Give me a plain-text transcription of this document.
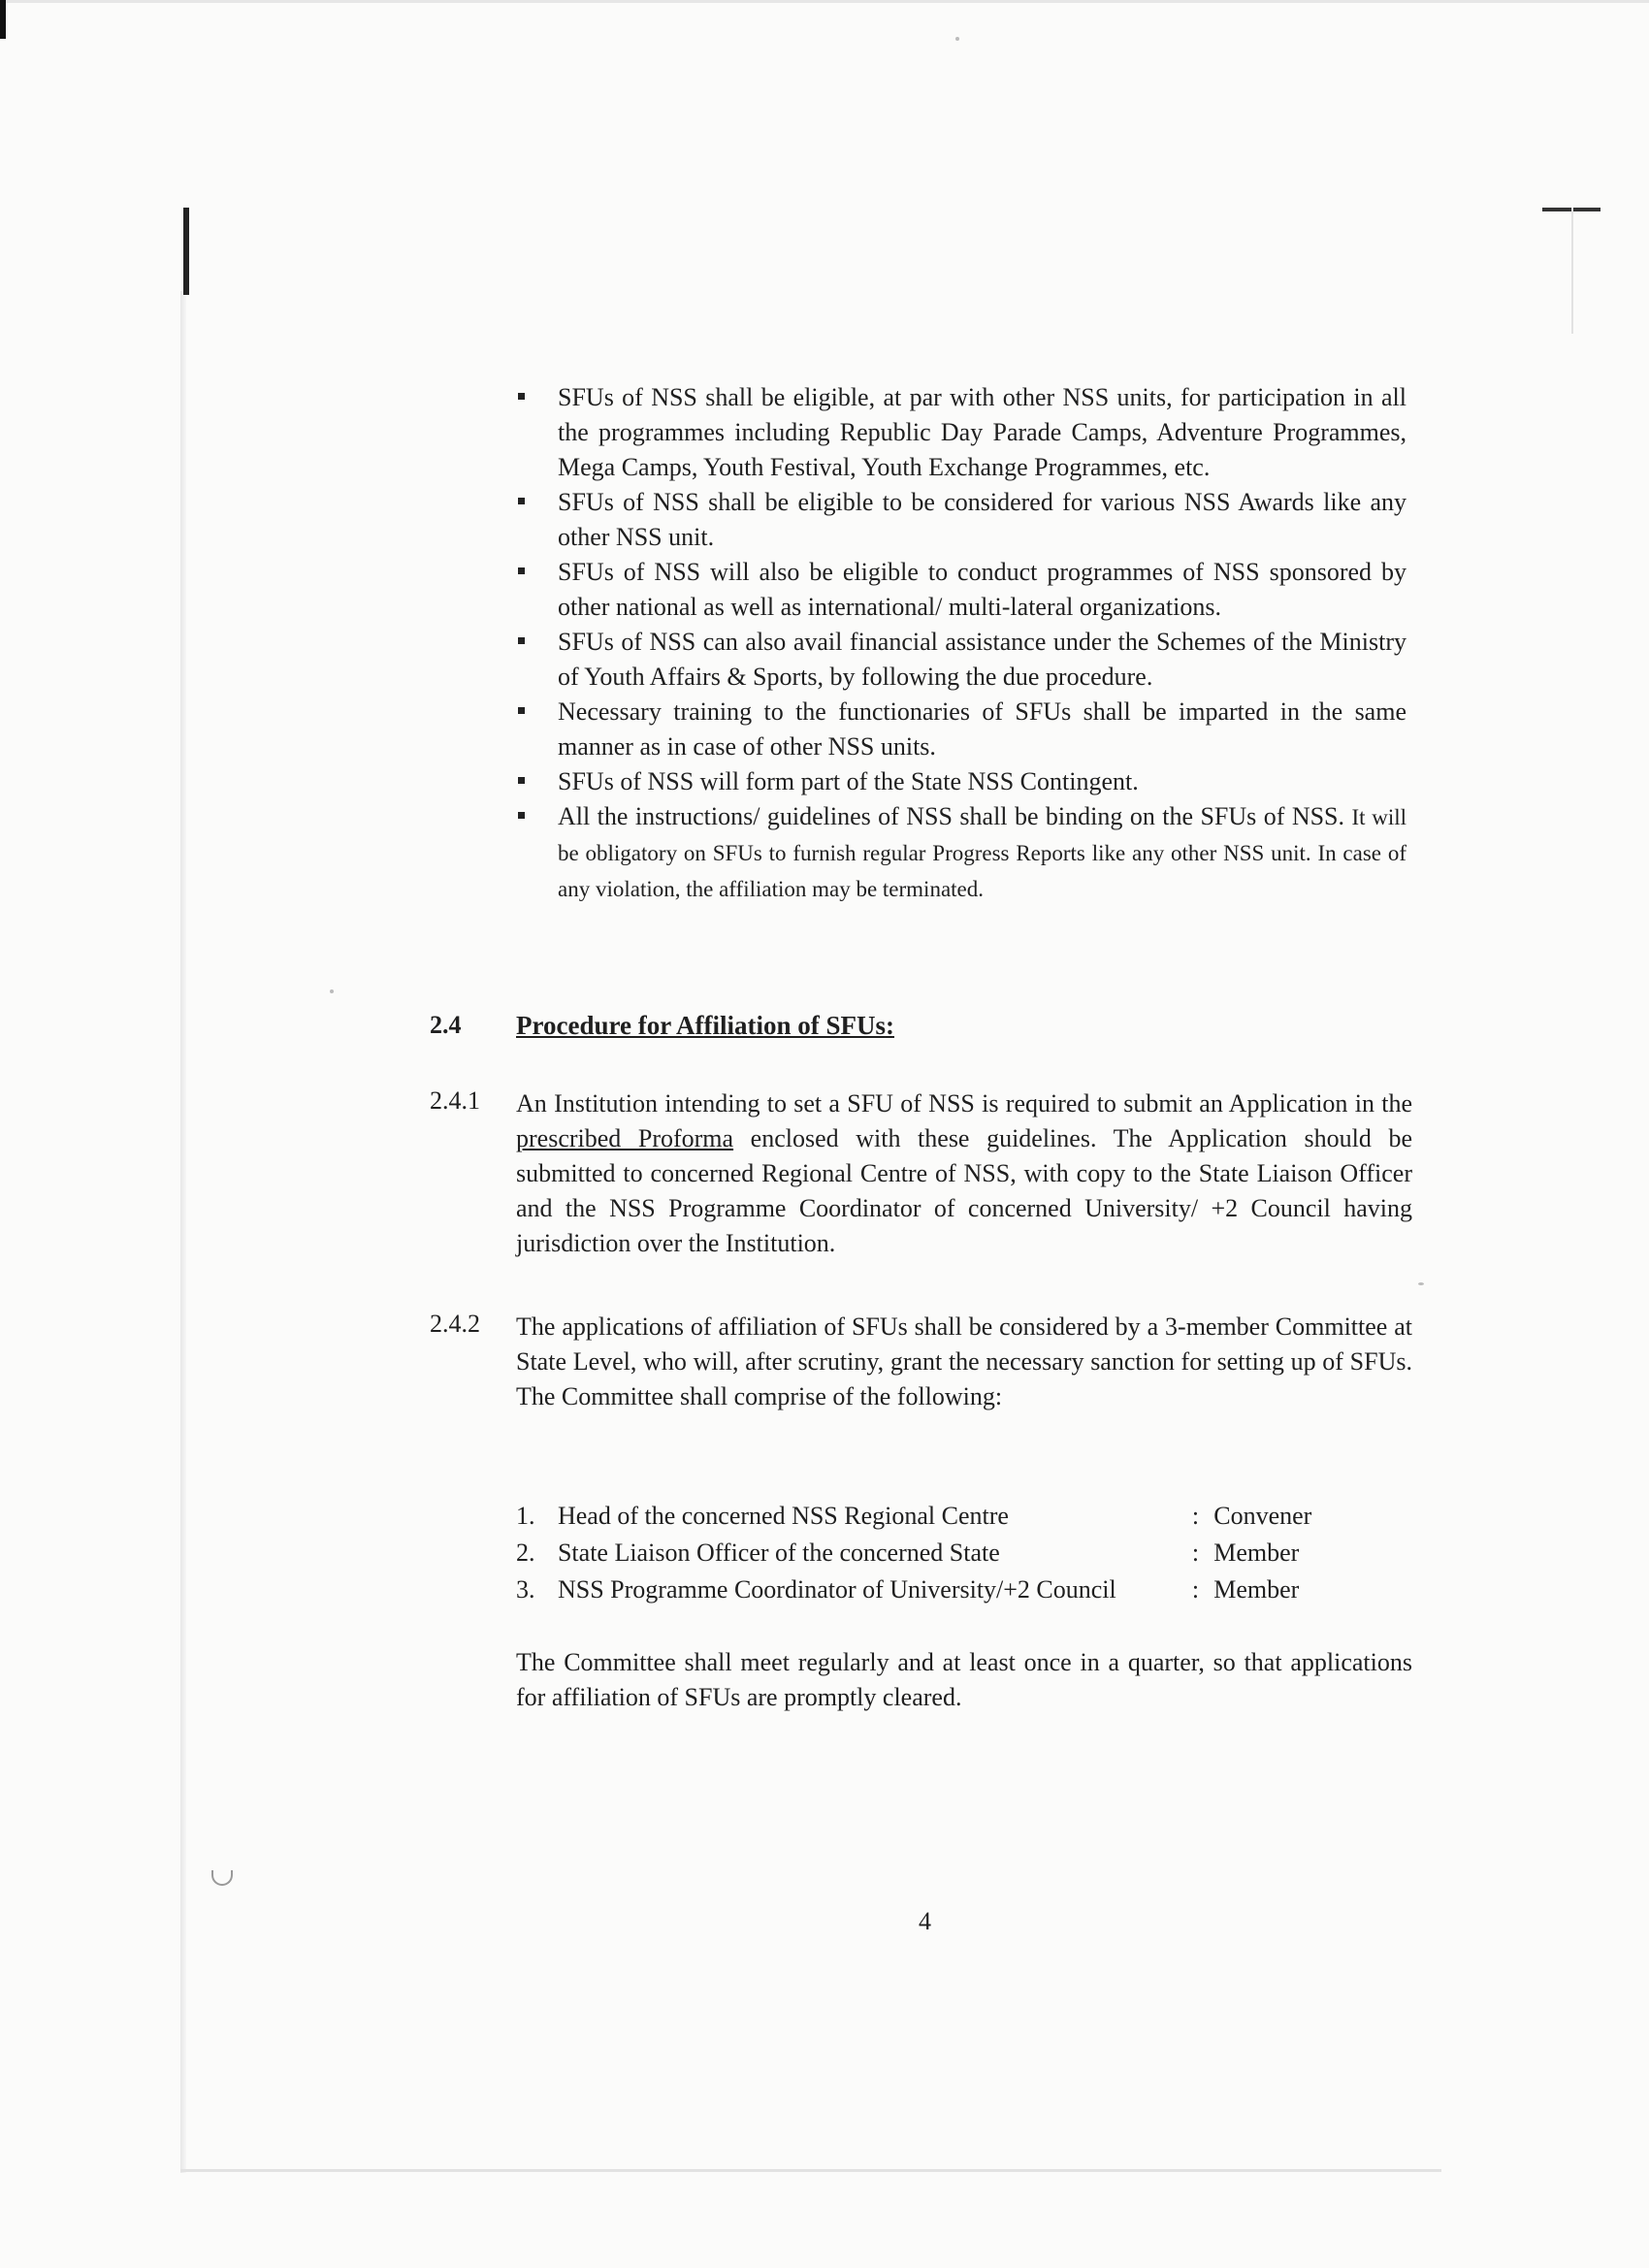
SFUs of NSS shall be eligible, at par with other NSS units, for participation in all the programmes including Republic Day Parade Camps, Adventure Programmes, Mega Camps, Youth Festival, Youth Exchange Programmes, etc.
SFUs of NSS shall be eligible to be considered for various NSS Awards like any other NSS unit.
SFUs of NSS will also be eligible to conduct programmes of NSS sponsored by other national as well as international/ multi-lateral organizations.
SFUs of NSS can also avail financial assistance under the Schemes of the Ministry of Youth Affairs & Sports, by following the due procedure.
Necessary training to the functionaries of SFUs shall be imparted in the same manner as in case of other NSS units.
SFUs of NSS will form part of the State NSS Contingent.
All the instructions/ guidelines of NSS shall be binding on the SFUs of NSS. It will be obligatory on SFUs to furnish regular Progress Reports like any other NSS unit. In case of any violation, the affiliation may be terminated.
2.4 Procedure for Affiliation of SFUs:
2.4.1 An Institution intending to set a SFU of NSS is required to submit an Application in the prescribed Proforma enclosed with these guidelines. The Application should be submitted to concerned Regional Centre of NSS, with copy to the State Liaison Officer and the NSS Programme Coordinator of concerned University/ +2 Council having jurisdiction over the Institution.
2.4.2 The applications of affiliation of SFUs shall be considered by a 3-member Committee at State Level, who will, after scrutiny, grant the necessary sanction for setting up of SFUs. The Committee shall comprise of the following:
1. Head of the concerned NSS Regional Centre	: Convener
2. State Liaison Officer of the concerned State	: Member
3. NSS Programme Coordinator of University/+2 Council	: Member
The Committee shall meet regularly and at least once in a quarter, so that applications for affiliation of SFUs are promptly cleared.
4
